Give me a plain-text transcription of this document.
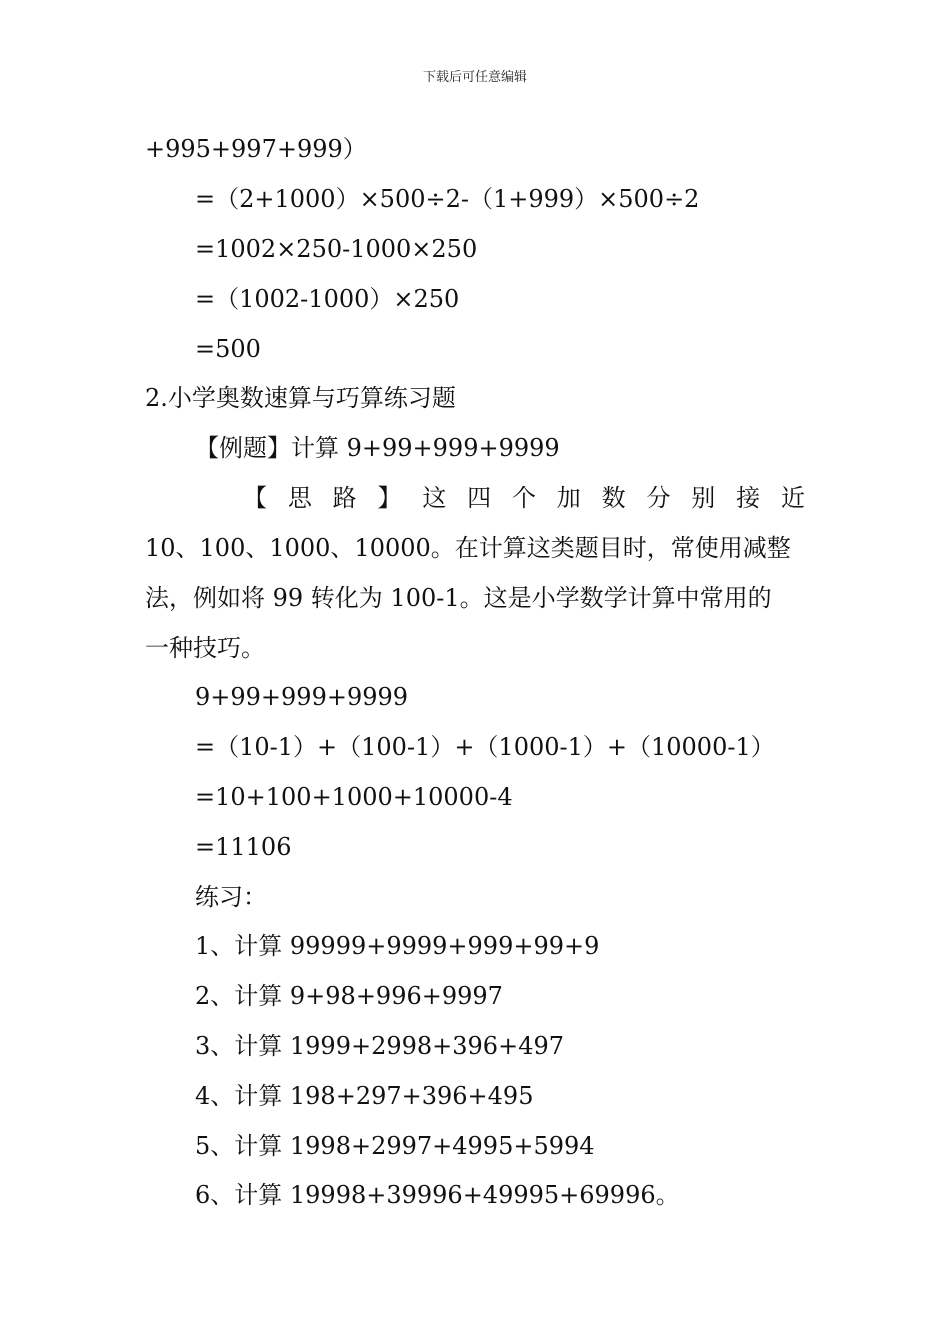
下载后可任意编辑
+995+997+999）
=（2+1000）×500÷2-（1+999）×500÷2
=1002×250-1000×250
=（1002-1000）×250
=500
2.小学奥数速算与巧算练习题
【例题】计算 9+99+999+9999
【 思 路 】 这 四 个 加 数 分 别 接 近
10、100、1000、10000。在计算这类题目时，常使用减整
法，例如将 99 转化为 100-1。这是小学数学计算中常用的
一种技巧。
9+99+999+9999
=（10-1）+（100-1）+（1000-1）+（10000-1）
=10+100+1000+10000-4
=11106
练习：
1、计算 99999+9999+999+99+9
2、计算 9+98+996+9997
3、计算 1999+2998+396+497
4、计算 198+297+396+495
5、计算 1998+2997+4995+5994
6、计算 19998+39996+49995+69996。
